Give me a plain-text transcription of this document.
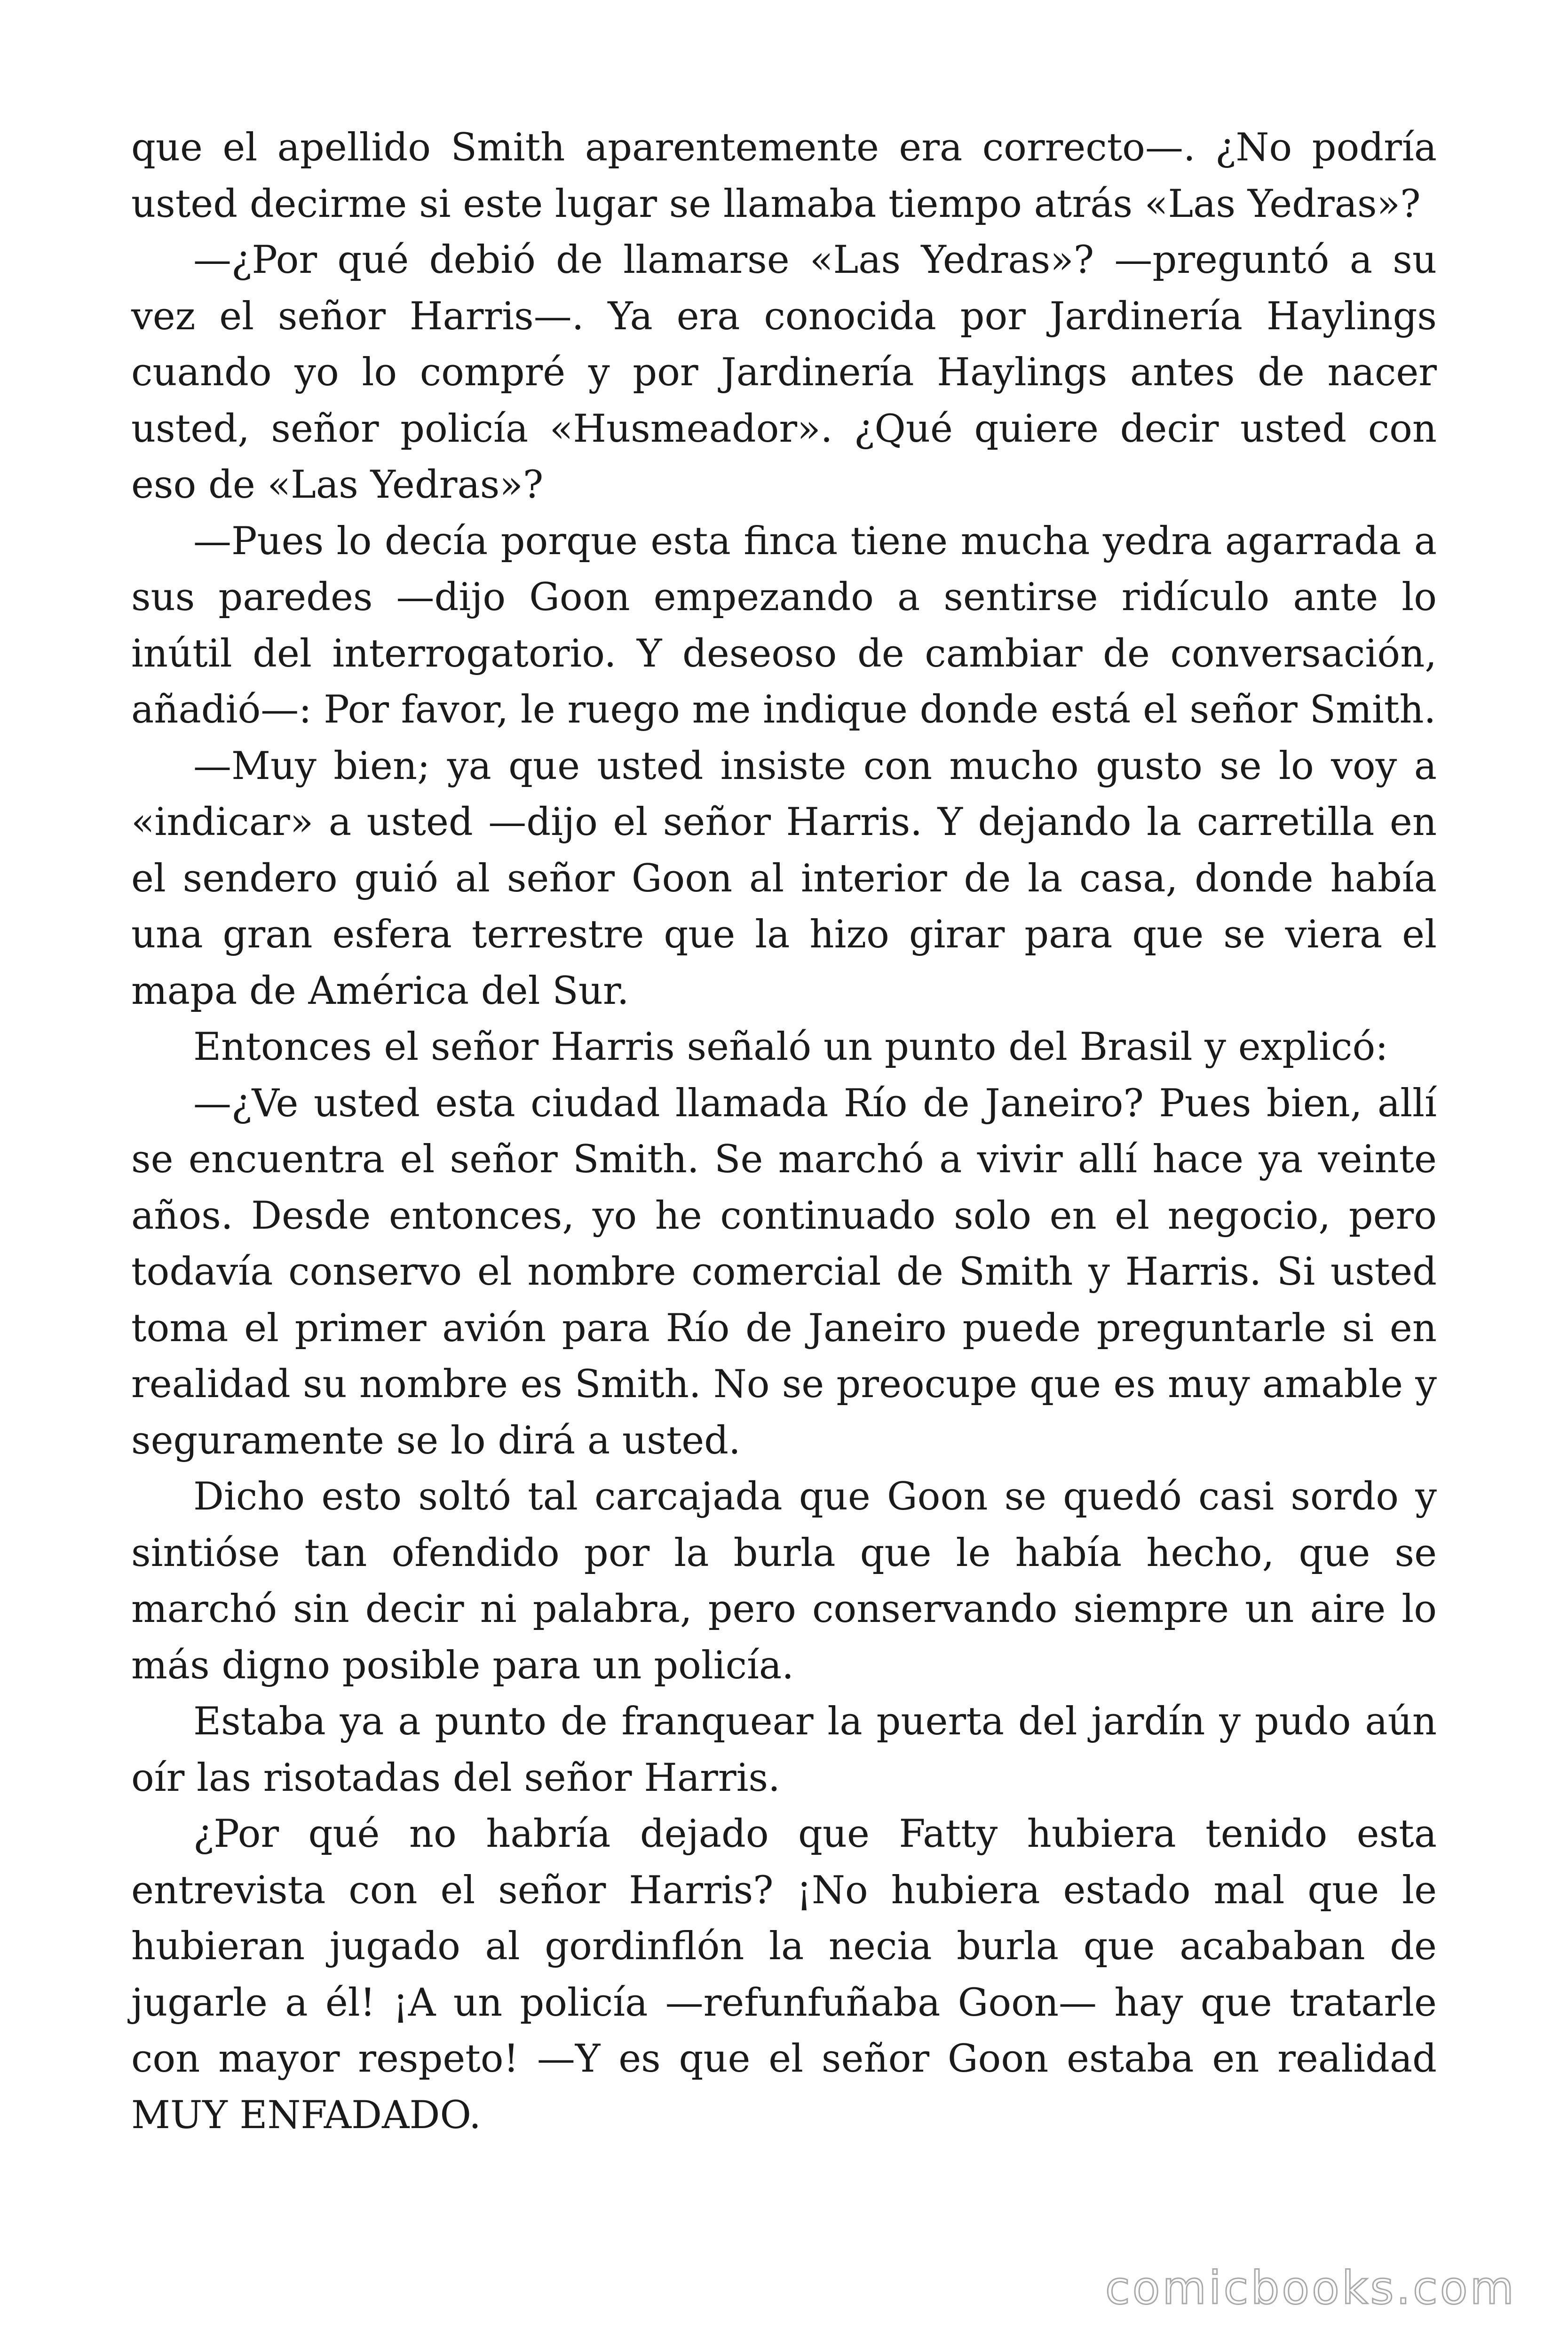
que el apellido Smith aparentemente era correcto—. ¿No podría usted decirme si este lugar se llamaba tiempo atrás «Las Yedras»?

—¿Por qué debió de llamarse «Las Yedras»? —preguntó a su vez el señor Harris—. Ya era conocida por Jardinería Haylings cuando yo lo compré y por Jardinería Haylings antes de nacer usted, señor policía «Husmeador». ¿Qué quiere decir usted con eso de «Las Yedras»?

—Pues lo decía porque esta finca tiene mucha yedra agarrada a sus paredes —dijo Goon empezando a sentirse ridículo ante lo inútil del interrogatorio. Y deseoso de cambiar de conversación, añadió—: Por favor, le ruego me indique donde está el señor Smith.

—Muy bien; ya que usted insiste con mucho gusto se lo voy a «indicar» a usted —dijo el señor Harris. Y dejando la carretilla en el sendero guió al señor Goon al interior de la casa, donde había una gran esfera terrestre que la hizo girar para que se viera el mapa de América del Sur.

Entonces el señor Harris señaló un punto del Brasil y explicó:

—¿Ve usted esta ciudad llamada Río de Janeiro? Pues bien, allí se encuentra el señor Smith. Se marchó a vivir allí hace ya veinte años. Desde entonces, yo he continuado solo en el negocio, pero todavía conservo el nombre comercial de Smith y Harris. Si usted toma el primer avión para Río de Janeiro puede preguntarle si en realidad su nombre es Smith. No se preocupe que es muy amable y seguramente se lo dirá a usted.

Dicho esto soltó tal carcajada que Goon se quedó casi sordo y sintióse tan ofendido por la burla que le había hecho, que se marchó sin decir ni palabra, pero conservando siempre un aire lo más digno posible para un policía.

Estaba ya a punto de franquear la puerta del jardín y pudo aún oír las risotadas del señor Harris.

¿Por qué no habría dejado que Fatty hubiera tenido esta entrevista con el señor Harris? ¡No hubiera estado mal que le hubieran jugado al gordinflón la necia burla que acababan de jugarle a él! ¡A un policía —refunfuñaba Goon— hay que tratarle con mayor respeto! —Y es que el señor Goon estaba en realidad MUY ENFADADO.

comicbooks.com
